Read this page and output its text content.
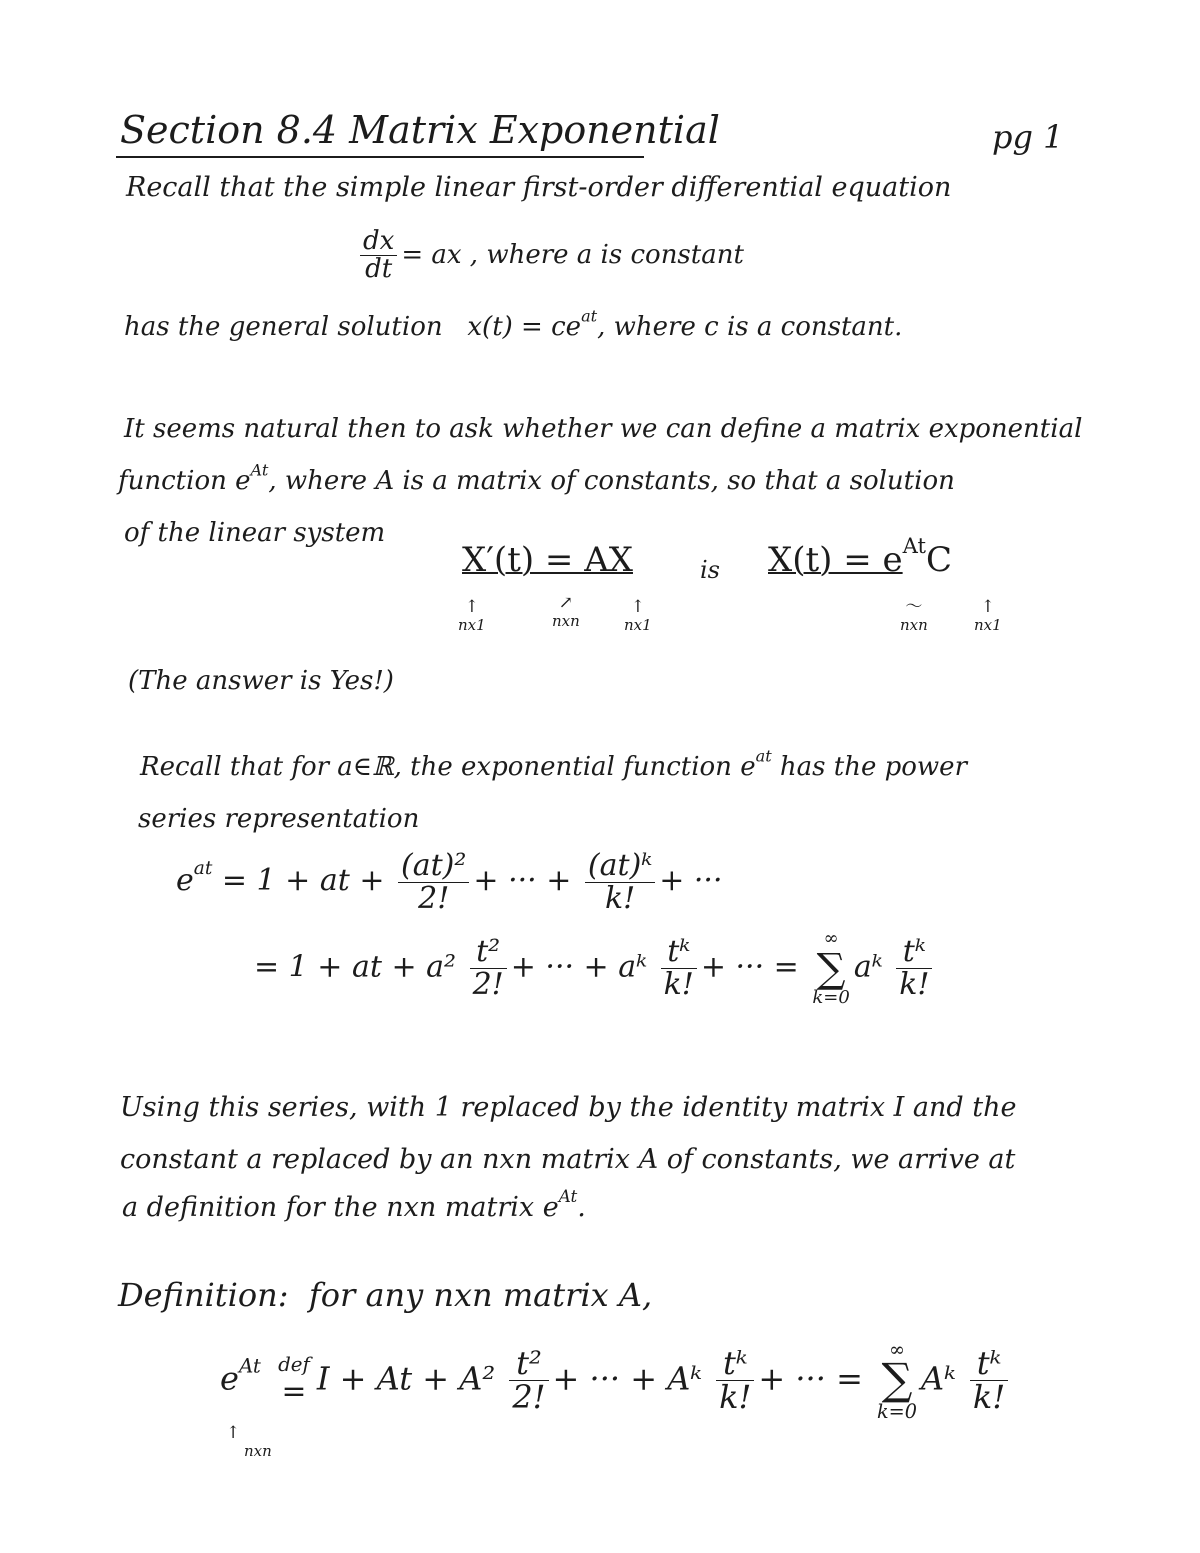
Section 8.4 Matrix Exponential	pg 1
Recall that the simple linear first-order differential equation
$\frac{dx}{dt}$ = ax , where a is constant
has the general solution $x(t) = ce^{at}$, where c is a constant.
It seems natural then to ask whether we can define a matrix exponential
function $e^{At}$, where A is a matrix of constants, so that a solution
of the linear system
X′(t) = AX	is $X(t) = e^{At}C$
↑
nx1
↗
nxn
↑
nx1
〜
nxn
↑
nx1
(The answer is Yes!)
Recall that for a∈ℝ, the exponential function $e^{at}$ has the power
series representation
$e^{at} = 1$ + at + $\frac{\text{(at)²}}{2!}$ + ··· + $\frac{\text{(at)ᵏ}}{k!}$ + ···
= 1 + at + $a^2 \frac{\text{t²}}{2!}$ + ··· + aᵏ $\frac{\text{tᵏ}}{k!}$ + ··· =
∞
∑
k=0
aᵏ $\frac{\text{tᵏ}}{k!}$
Using this series, with 1 replaced by the identity matrix I and the
constant a replaced by an nxn matrix A of constants, we arrive at
a definition for the nxn matrix $e^{At}$.
Definition: for any nxn matrix A,
$e^{At}$ def
= $I + At + A^2 \frac{\text{t²}}{2!}$ + ··· + Aᵏ $\frac{\text{tᵏ}}{k!}$ + ··· =
∞
∑
k=0
Aᵏ $\frac{\text{tᵏ}}{k!}$
↑
nxn
